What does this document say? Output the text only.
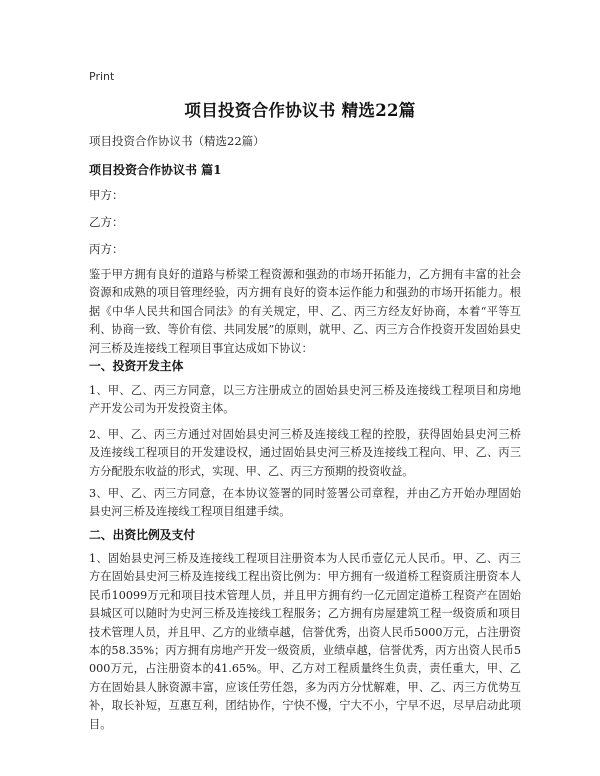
Print
项目投资合作协议书 精选22篇
项目投资合作协议书（精选22篇）
项目投资合作协议书 篇1
甲方：
乙方：
丙方：
鉴于甲方拥有良好的道路与桥梁工程资源和强劲的市场开拓能力，乙方拥有丰富的社会资源和成熟的项目管理经验，丙方拥有良好的资本运作能力和强劲的市场开拓能力。根据《中华人民共和国合同法》的有关规定，甲、乙、丙三方经友好协商，本着“平等互利、协商一致、等价有偿、共同发展”的原则，就甲、乙、丙三方合作投资开发固始县史河三桥及连接线工程项目事宜达成如下协议：
一、投资开发主体
1、甲、乙、丙三方同意，以三方注册成立的固始县史河三桥及连接线工程项目和房地产开发公司为开发投资主体。
2、甲、乙、丙三方通过对固始县史河三桥及连接线工程的控股，获得固始县史河三桥及连接线工程项目的开发建设权，通过固始县史河三桥及连接线工程向、甲、乙、丙三方分配股东收益的形式，实现、甲、乙、丙三方预期的投资收益。
3、甲、乙、丙三方同意，在本协议签署的同时签署公司章程，并由乙方开始办理固始县史河三桥及连接线工程项目组建手续。
二、出资比例及支付
1、固始县史河三桥及连接线工程项目注册资本为人民币壹亿元人民币。甲、乙、丙三方在固始县史河三桥及连接线工程出资比例为：甲方拥有一级道桥工程资质注册资本人民币10099万元和项目技术管理人员，并且甲方拥有约一亿元固定道桥工程资产在固始县城区可以随时为史河三桥及连接线工程服务；乙方拥有房屋建筑工程一级资质和项目技术管理人员，并且甲、乙方的业绩卓越，信誉优秀，出资人民币5000万元，占注册资本的58.35%；丙方拥有房地产开发一级资质，业绩卓越，信誉优秀，丙方出资人民币5000万元，占注册资本的41.65%。甲、乙方对工程质量终生负责，责任重大，甲、乙方在固始县人脉资源丰富，应该任劳任怨，多为丙方分忧解难，甲、乙、丙三方优势互补，取长补短，互惠互利，团结协作，宁快不慢，宁大不小，宁早不迟，尽早启动此项目。
